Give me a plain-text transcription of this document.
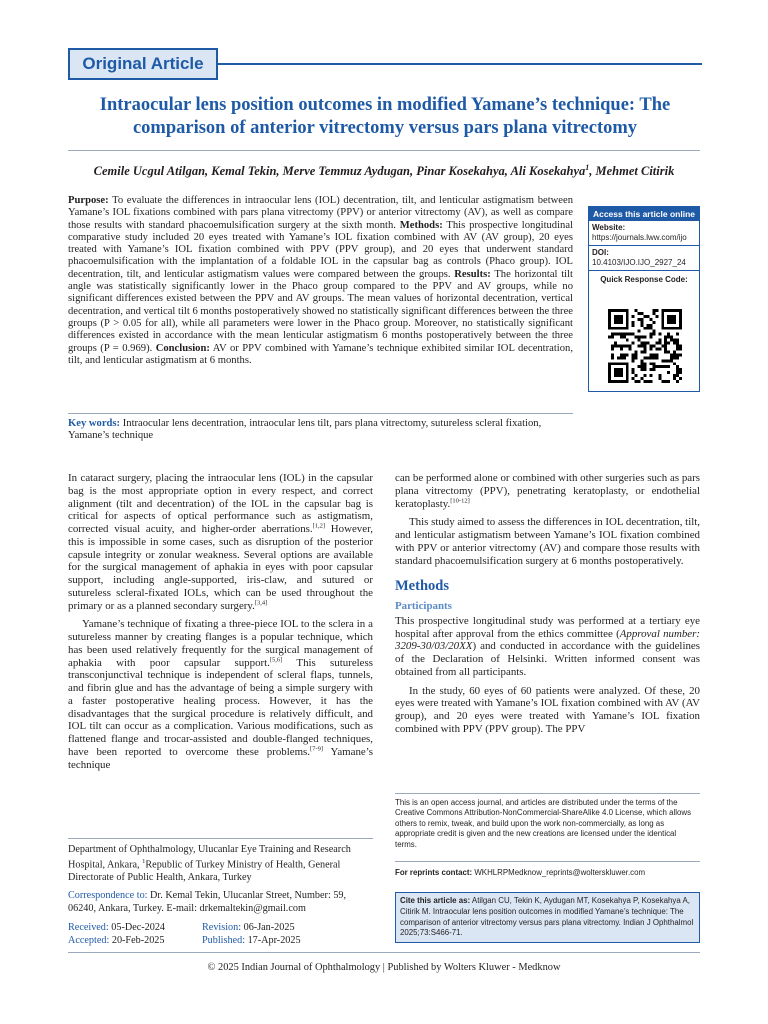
Original Article
Intraocular lens position outcomes in modified Yamane’s technique: The comparison of anterior vitrectomy versus pars plana vitrectomy
Cemile Ucgul Atilgan, Kemal Tekin, Merve Temmuz Aydugan, Pinar Kosekahya, Ali Kosekahya$^1$, Mehmet Citirik
Purpose: To evaluate the differences in intraocular lens (IOL) decentration, tilt, and lenticular astigmatism between Yamane’s IOL fixations combined with pars plana vitrectomy (PPV) or anterior vitrectomy (AV), as well as compare those results with standard phacoemulsification surgery at the sixth month. Methods: This prospective longitudinal comparative study included 20 eyes treated with Yamane’s IOL fixation combined with AV (AV group), 20 eyes treated with Yamane’s IOL fixation combined with PPV (PPV group), and 20 eyes that underwent standard phacoemulsification with the implantation of a foldable IOL in the capsular bag as controls (Phaco group). IOL decentration, tilt, and lenticular astigmatism values were compared between the groups. Results: The horizontal tilt angle was statistically significantly lower in the Phaco group compared to the PPV and AV groups, while no significant differences existed between the PPV and AV groups. The mean values of horizontal decentration, vertical decentration, and vertical tilt 6 months postoperatively showed no statistically significant differences between the three groups (P > 0.05 for all), while all parameters were lower in the Phaco group. Moreover, no statistically significant differences existed in accordance with the mean lenticular astigmatism 6 months postoperatively between the three groups (P = 0.969). Conclusion: AV or PPV combined with Yamane’s technique exhibited similar IOL decentration, tilt, and lenticular astigmatism at 6 months.
Access this article online
Website:
https://journals.lww.com/ijo
DOI:
10.4103/IJO.IJO_2927_24
Quick Response Code:
Key words: Intraocular lens decentration, intraocular lens tilt, pars plana vitrectomy, sutureless scleral fixation, Yamane’s technique

In cataract surgery, placing the intraocular lens (IOL) in the capsular bag is the most appropriate option in every respect, and correct alignment (tilt and decentration) of the IOL in the capsular bag is critical for aspects of optical performance such as astigmatism, corrected visual acuity, and higher-order aberrations.[1,2] However, this is impossible in some cases, such as disruption of the posterior capsule integrity or zonular weakness. Several options are available for the surgical management of aphakia in eyes with poor capsular support, including angle-supported, iris-claw, and sutured or sutureless scleral-fixated IOLs, which can be used throughout the primary or as a planned secondary surgery.[3,4]

Yamane’s technique of fixating a three-piece IOL to the sclera in a sutureless manner by creating flanges is a popular technique, which has been used relatively frequently for the surgical management of aphakia with poor capsular support.[5,6] This sutureless transconjunctival technique is independent of scleral flaps, tunnels, and fibrin glue and has the advantage of being a simple surgery with a faster postoperative healing process. However, it has the disadvantages that the surgical procedure is relatively difficult, and IOL tilt can occur as a complication. Various modifications, such as flattened flange and trocar-assisted and double-flanged techniques, have been reported to overcome these problems.[7-9] Yamane’s technique

can be performed alone or combined with other surgeries such as pars plana vitrectomy (PPV), penetrating keratoplasty, or endothelial keratoplasty.[10-12]

This study aimed to assess the differences in IOL decentration, tilt, and lenticular astigmatism between Yamane’s IOL fixation combined with PPV or anterior vitrectomy (AV) and compare those results with standard phacoemulsification surgery at 6 months postoperatively.

Methods
Participants

This prospective longitudinal study was performed at a tertiary eye hospital after approval from the ethics committee (Approval number: 3209-30/03/20XX) and conducted in accordance with the guidelines of the Declaration of Helsinki. Written informed consent was obtained from all participants.

In the study, 60 eyes of 60 patients were analyzed. Of these, 20 eyes were treated with Yamane’s IOL fixation combined with AV (AV group), and 20 eyes were treated with Yamane’s IOL fixation combined with PPV (PPV group). The PPV

Department of Ophthalmology, Ulucanlar Eye Training and Research Hospital, Ankara, $^1$Republic of Turkey Ministry of Health, General Directorate of Public Health, Ankara, Turkey

Correspondence to: Dr. Kemal Tekin, Ulucanlar Street, Number: 59, 06240, Ankara, Turkey. E-mail: drkemaltekin@gmail.com

Received: 05-Dec-2024	Revision: 06-Jan-2025
Accepted: 20-Feb-2025	Published: 17-Apr-2025
This is an open access journal, and articles are distributed under the terms of the Creative Commons Attribution-NonCommercial-ShareAlike 4.0 License, which allows others to remix, tweak, and build upon the work non-commercially, as long as appropriate credit is given and the new creations are licensed under the identical terms.
For reprints contact: WKHLRPMedknow_reprints@wolterskluwer.com
Cite this article as: Atilgan CU, Tekin K, Aydugan MT, Kosekahya P, Kosekahya A, Citirik M. Intraocular lens position outcomes in modified Yamane’s technique: The comparison of anterior vitrectomy versus pars plana vitrectomy. Indian J Ophthalmol 2025;73:S466-71.
© 2025 Indian Journal of Ophthalmology | Published by Wolters Kluwer - Medknow
